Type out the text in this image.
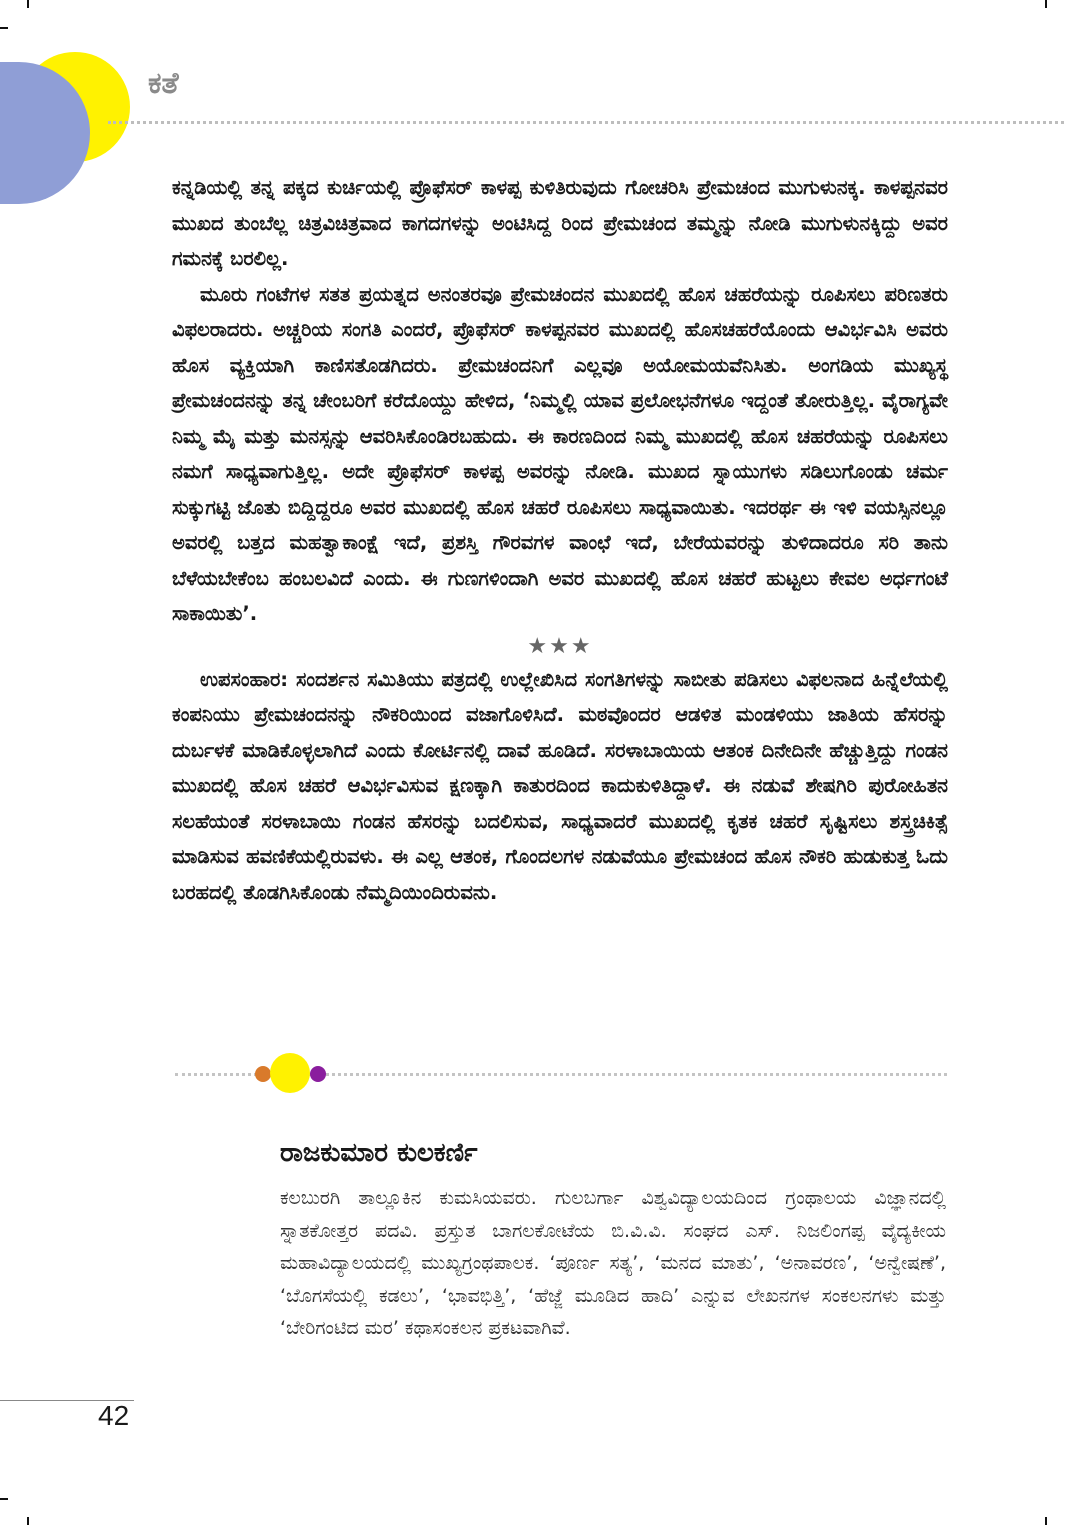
ಕತೆ

ಕನ್ನಡಿಯಲ್ಲಿ ತನ್ನ ಪಕ್ಕದ ಕುರ್ಚಿಯಲ್ಲಿ ಪ್ರೊಫೆಸರ್ ಕಾಳಪ್ಪ ಕುಳಿತಿರುವುದು ಗೋಚರಿಸಿ ಪ್ರೇಮಚಂದ ಮುಗುಳುನಕ್ಕ. ಕಾಳಪ್ಪನವರ ಮುಖದ ತುಂಬೆಲ್ಲ ಚಿತ್ರವಿಚಿತ್ರವಾದ ಕಾಗದಗಳನ್ನು ಅಂಟಿಸಿದ್ದ ರಿಂದ ಪ್ರೇಮಚಂದ ತಮ್ಮನ್ನು ನೋಡಿ ಮುಗುಳುನಕ್ಕಿದ್ದು ಅವರ ಗಮನಕ್ಕೆ ಬರಲಿಲ್ಲ.

ಮೂರು ಗಂಟೆಗಳ ಸತತ ಪ್ರಯತ್ನದ ಅನಂತರವೂ ಪ್ರೇಮಚಂದನ ಮುಖದಲ್ಲಿ ಹೊಸ ಚಹರೆಯನ್ನು ರೂಪಿಸಲು ಪರಿಣತರು ವಿಫಲರಾದರು. ಅಚ್ಚರಿಯ ಸಂಗತಿ ಎಂದರೆ, ಪ್ರೊಫೆಸರ್ ಕಾಳಪ್ಪನವರ ಮುಖದಲ್ಲಿ ಹೊಸಚಹರೆಯೊಂದು ಆವಿರ್ಭವಿಸಿ ಅವರು ಹೊಸ ವ್ಯಕ್ತಿಯಾಗಿ ಕಾಣಿಸತೊಡಗಿದರು. ಪ್ರೇಮಚಂದನಿಗೆ ಎಲ್ಲವೂ ಅಯೋಮಯವೆನಿಸಿತು. ಅಂಗಡಿಯ ಮುಖ್ಯಸ್ಥ ಪ್ರೇಮಚಂದನನ್ನು ತನ್ನ ಚೇಂಬರಿಗೆ ಕರೆದೊಯ್ದು ಹೇಳಿದ, ‘ನಿಮ್ಮಲ್ಲಿ ಯಾವ ಪ್ರಲೋಭನೆಗಳೂ ಇದ್ದಂತೆ ತೋರುತ್ತಿಲ್ಲ. ವೈರಾಗ್ಯವೇ ನಿಮ್ಮ ಮೈ ಮತ್ತು ಮನಸ್ಸನ್ನು ಆವರಿಸಿಕೊಂಡಿರಬಹುದು. ಈ ಕಾರಣದಿಂದ ನಿಮ್ಮ ಮುಖದಲ್ಲಿ ಹೊಸ ಚಹರೆಯನ್ನು ರೂಪಿಸಲು ನಮಗೆ ಸಾಧ್ಯವಾಗುತ್ತಿಲ್ಲ. ಅದೇ ಪ್ರೊಫೆಸರ್ ಕಾಳಪ್ಪ ಅವರನ್ನು ನೋಡಿ. ಮುಖದ ಸ್ನಾಯುಗಳು ಸಡಿಲುಗೊಂಡು ಚರ್ಮ ಸುಕ್ಕುಗಟ್ಟಿ ಜೊತು ಬಿದ್ದಿದ್ದರೂ ಅವರ ಮುಖದಲ್ಲಿ ಹೊಸ ಚಹರೆ ರೂಪಿಸಲು ಸಾಧ್ಯವಾಯಿತು. ಇದರರ್ಥ ಈ ಇಳಿ ವಯಸ್ಸಿನಲ್ಲೂ ಅವರಲ್ಲಿ ಬತ್ತದ ಮಹತ್ವಾಕಾಂಕ್ಷೆ ಇದೆ, ಪ್ರಶಸ್ತಿ ಗೌರವಗಳ ವಾಂಛೆ ಇದೆ, ಬೇರೆಯವರನ್ನು ತುಳಿದಾದರೂ ಸರಿ ತಾನು ಬೆಳೆಯಬೇಕೆಂಬ ಹಂಬಲವಿದೆ ಎಂದು. ಈ ಗುಣಗಳಿಂದಾಗಿ ಅವರ ಮುಖದಲ್ಲಿ ಹೊಸ ಚಹರೆ ಹುಟ್ಟಲು ಕೇವಲ ಅರ್ಧಗಂಟೆ ಸಾಕಾಯಿತು’.

★★★

ಉಪಸಂಹಾರ: ಸಂದರ್ಶನ ಸಮಿತಿಯು ಪತ್ರದಲ್ಲಿ ಉಲ್ಲೇಖಿಸಿದ ಸಂಗತಿಗಳನ್ನು ಸಾಬೀತು ಪಡಿಸಲು ವಿಫಲನಾದ ಹಿನ್ನೆಲೆಯಲ್ಲಿ ಕಂಪನಿಯು ಪ್ರೇಮಚಂದನನ್ನು ನೌಕರಿಯಿಂದ ವಜಾಗೊಳಿಸಿದೆ. ಮಠವೊಂದರ ಆಡಳಿತ ಮಂಡಳಿಯು ಜಾತಿಯ ಹೆಸರನ್ನು ದುರ್ಬಳಕೆ ಮಾಡಿಕೊಳ್ಳಲಾಗಿದೆ ಎಂದು ಕೋರ್ಟಿನಲ್ಲಿ ದಾವೆ ಹೂಡಿದೆ. ಸರಳಾಬಾಯಿಯ ಆತಂಕ ದಿನೇದಿನೇ ಹೆಚ್ಚುತ್ತಿದ್ದು ಗಂಡನ ಮುಖದಲ್ಲಿ ಹೊಸ ಚಹರೆ ಆವಿರ್ಭವಿಸುವ ಕ್ಷಣಕ್ಕಾಗಿ ಕಾತುರದಿಂದ ಕಾದುಕುಳಿತಿದ್ದಾಳೆ. ಈ ನಡುವೆ ಶೇಷಗಿರಿ ಪುರೋಹಿತನ ಸಲಹೆಯಂತೆ ಸರಳಾಬಾಯಿ ಗಂಡನ ಹೆಸರನ್ನು ಬದಲಿಸುವ, ಸಾಧ್ಯವಾದರೆ ಮುಖದಲ್ಲಿ ಕೃತಕ ಚಹರೆ ಸೃಷ್ಟಿಸಲು ಶಸ್ತ್ರಚಿಕಿತ್ಸೆ ಮಾಡಿಸುವ ಹವಣಿಕೆಯಲ್ಲಿರುವಳು. ಈ ಎಲ್ಲ ಆತಂಕ, ಗೊಂದಲಗಳ ನಡುವೆಯೂ ಪ್ರೇಮಚಂದ ಹೊಸ ನೌಕರಿ ಹುಡುಕುತ್ತ ಓದು ಬರಹದಲ್ಲಿ ತೊಡಗಿಸಿಕೊಂಡು ನೆಮ್ಮದಿಯಿಂದಿರುವನು.

ರಾಜಕುಮಾರ ಕುಲಕರ್ಣಿ

ಕಲಬುರಗಿ ತಾಲ್ಲೂಕಿನ ಕುಮಸಿಯವರು. ಗುಲಬರ್ಗಾ ವಿಶ್ವವಿದ್ಯಾಲಯದಿಂದ ಗ್ರಂಥಾಲಯ ವಿಜ್ಞಾನದಲ್ಲಿ ಸ್ನಾತಕೋತ್ತರ ಪದವಿ. ಪ್ರಸ್ತುತ ಬಾಗಲಕೋಟೆಯ ಬಿ.ವಿ.ವಿ. ಸಂಘದ ಎಸ್. ನಿಜಲಿಂಗಪ್ಪ ವೈದ್ಯಕೀಯ ಮಹಾವಿದ್ಯಾಲಯದಲ್ಲಿ ಮುಖ್ಯಗ್ರಂಥಪಾಲಕ. ‘ಪೂರ್ಣ ಸತ್ಯ’, ‘ಮನದ ಮಾತು’, ‘ಅನಾವರಣ’, ‘ಅನ್ವೇಷಣೆ’, ‘ಬೊಗಸೆಯಲ್ಲಿ ಕಡಲು’, ‘ಭಾವಭಿತ್ತಿ’, ‘ಹೆಜ್ಜೆ ಮೂಡಿದ ಹಾದಿ’ ಎನ್ನುವ ಲೇಖನಗಳ ಸಂಕಲನಗಳು ಮತ್ತು ‘ಬೇರಿಗಂಟಿದ ಮರ’ ಕಥಾಸಂಕಲನ ಪ್ರಕಟವಾಗಿವೆ.

42
